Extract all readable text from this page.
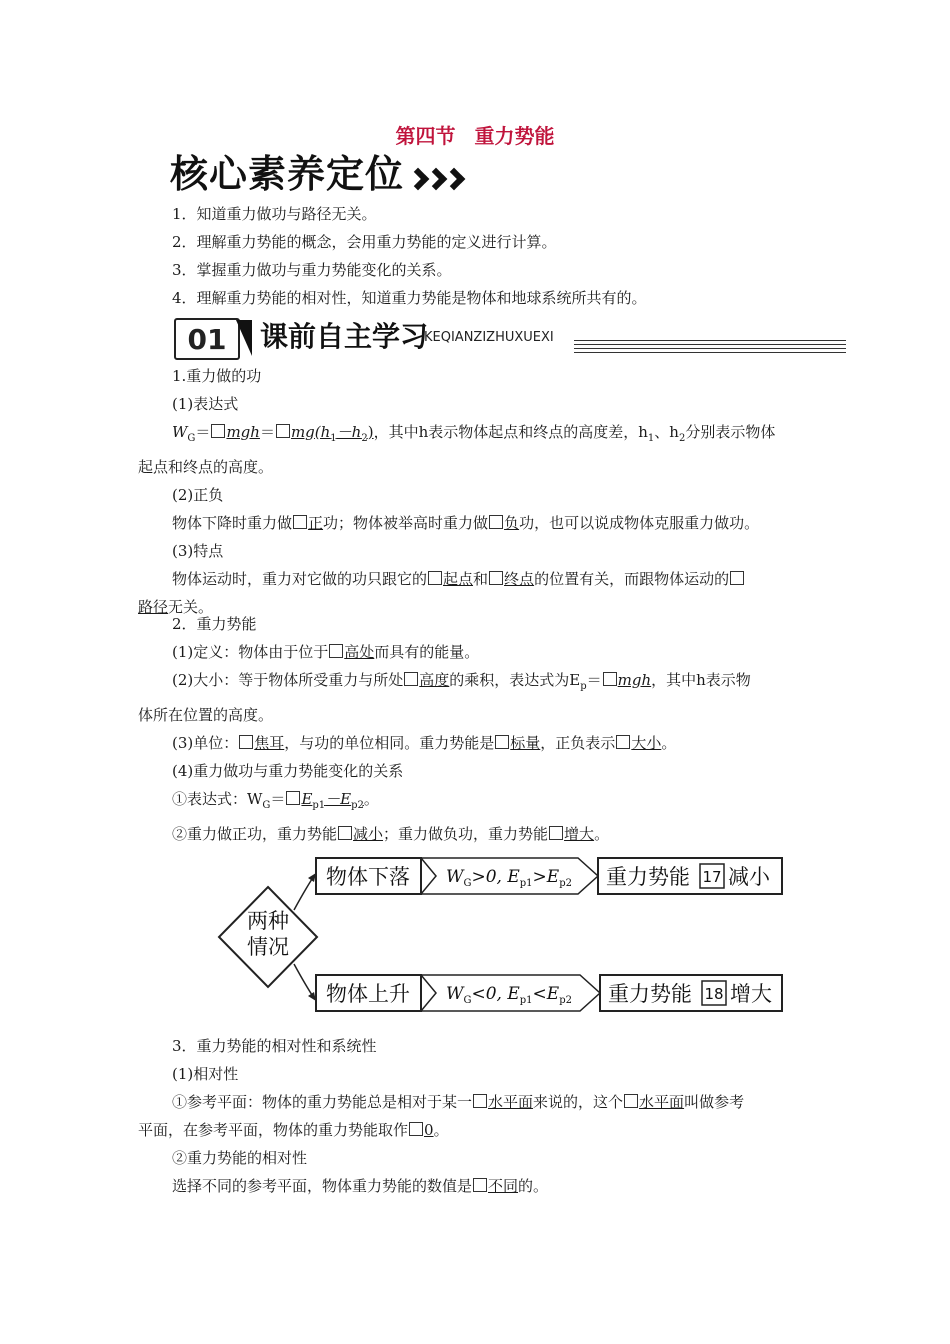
第四节 重力势能
核心素养定位
1．知道重力做功与路径无关。
2．理解重力势能的概念，会用重力势能的定义进行计算。
3．掌握重力做功与重力势能变化的关系。
4．理解重力势能的相对性，知道重力势能是物体和地球系统所共有的。
01	课前自主学习
KEQIANZIZHUXUEXI
1.重力做的功
(1)表达式
$W_G= mgh= mg(h_1-h_2)$，其中h表示物体起点和终点的高度差，$h_1$、$h_2$分别表示物体
起点和终点的高度。
(2)正负
物体下降时重力做 正功；物体被举高时重力做 负功，也可以说成物体克服重力做功。
(3)特点
物体运动时，重力对它做的功只跟它的 起点和 终点的位置有关，而跟物体运动的
路径无关。
2．重力势能
(1)定义：物体由于位于 高处而具有的能量。
(2)大小：等于物体所受重力与所处 高度的乘积，表达式为$E_p=$ mgh，其中h表示物
体所在位置的高度。
(3)单位： 焦耳，与功的单位相同。重力势能是 标量，正负表示 大小。
(4)重力做功与重力势能变化的关系
①表达式：$W_G= E_{p1}-E_{p2}$。
②重力做正功，重力势能 减小；重力做负功，重力势能 增大。
两种
情况
物体下落 $W_G>0$, $E_{p1}>E_{p2}$ 重力势能 17 减小
物体上升 $W_G<0$, $E_{p1}<E_{p2}$ 重力势能 18 增大
3．重力势能的相对性和系统性
(1)相对性
①参考平面：物体的重力势能总是相对于某一 水平面来说的，这个 水平面叫做参考
平面，在参考平面，物体的重力势能取作 0。
②重力势能的相对性
选择不同的参考平面，物体重力势能的数值是 不同的。
